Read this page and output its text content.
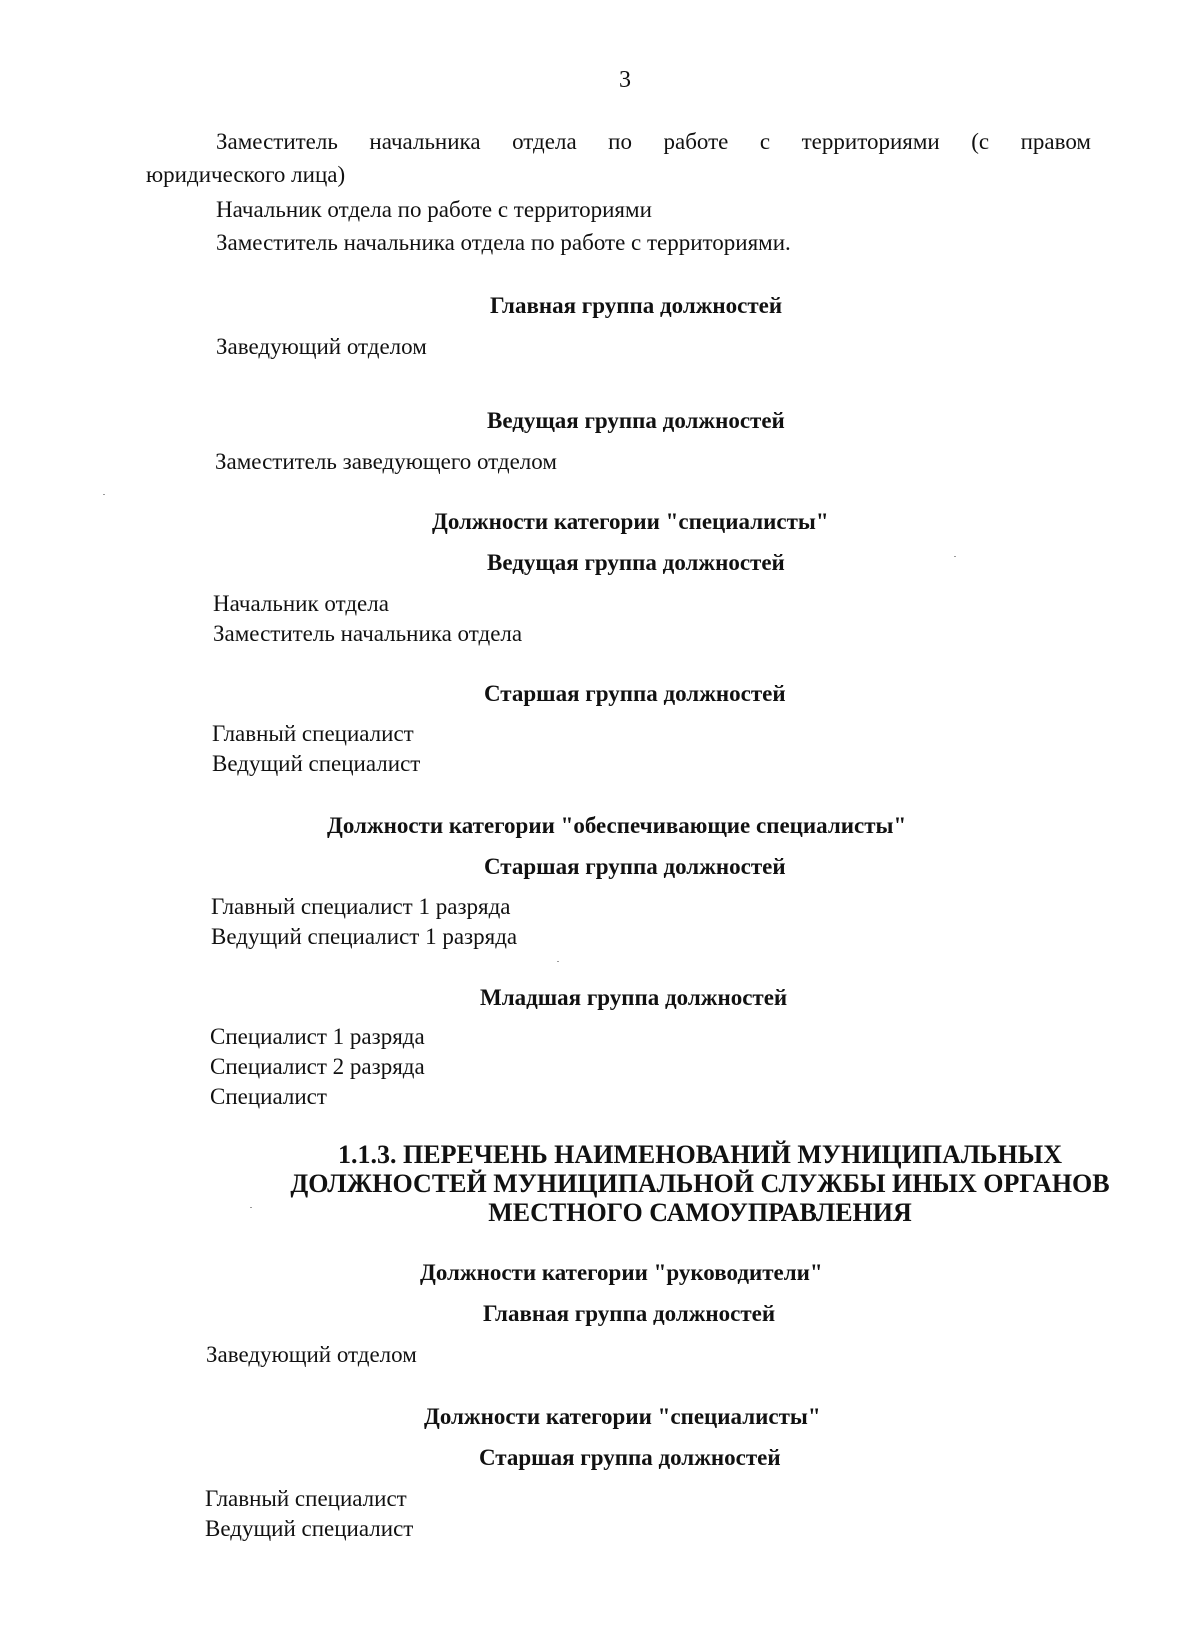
3
Заместитель начальника отдела по работе с территориями (с правом
юридического лица)
Начальник отдела по работе с территориями
Заместитель начальника отдела по работе с территориями.
Главная группа должностей
Заведующий отделом
Ведущая группа должностей
Заместитель заведующего отделом
Должности категории "специалисты"
Ведущая группа должностей
Начальник отдела
Заместитель начальника отдела
Старшая группа должностей
Главный специалист
Ведущий специалист
Должности категории "обеспечивающие специалисты"
Старшая группа должностей
Главный специалист 1 разряда
Ведущий специалист 1 разряда
Младшая группа должностей
Специалист 1 разряда
Специалист 2 разряда
Специалист
1.1.3. ПЕРЕЧЕНЬ НАИМЕНОВАНИЙ МУНИЦИПАЛЬНЫХ
ДОЛЖНОСТЕЙ МУНИЦИПАЛЬНОЙ СЛУЖБЫ ИНЫХ ОРГАНОВ
МЕСТНОГО САМОУПРАВЛЕНИЯ
Должности категории "руководители"
Главная группа должностей
Заведующий отделом
Должности категории "специалисты"
Старшая группа должностей
Главный специалист
Ведущий специалист
